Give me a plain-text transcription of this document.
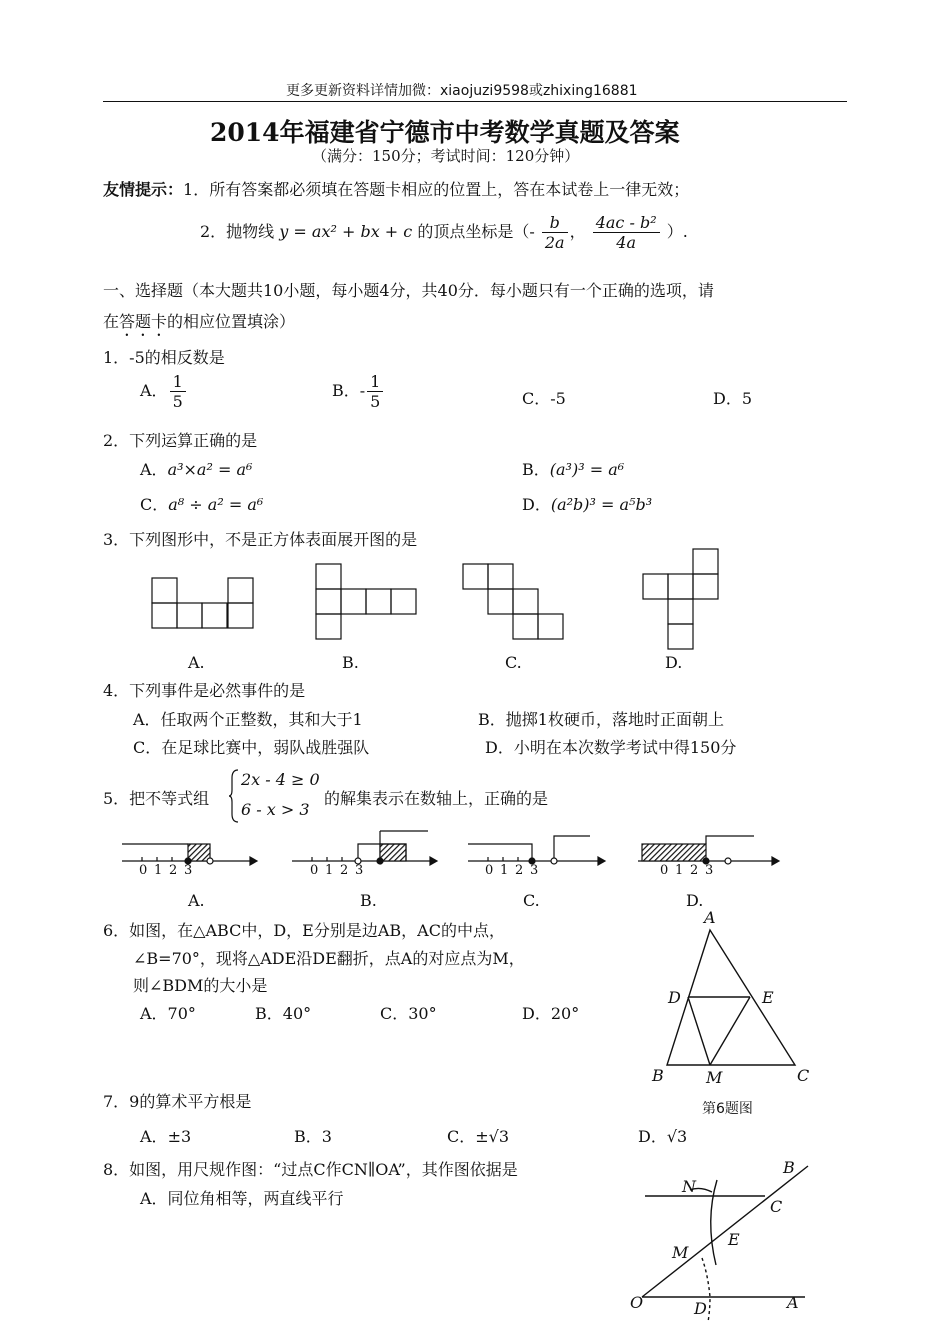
更多更新资料详情加微：xiaojuzi9598或zhixing16881
2014年福建省宁德市中考数学真题及答案
（满分：150分；考试时间：120分钟）
友情提示：1．所有答案都必须填在答题卡相应的位置上，答在本试卷上一律无效；
2．抛物线 y = ax² + bx + c 的顶点坐标是（- $\frac{b}{2a}$ ， $\frac{\text{4ac - b²}}{4a}$ ）.
一、选择题（本大题共10小题，每小题4分，共40分．每小题只有一个正确的选项，请
在答题卡的相应位置填涂）
1．-5的相反数是
A． $\frac{1}{5}$	B．- $\frac{1}{5}$	C．-5	D．5
2．下列运算正确的是
A．a³×a² = a⁶	B．(a³)³ = a⁶
C．a⁸ ÷ a² = a⁶	D．(a²b)³ = a⁵b³
3．下列图形中，不是正方体表面展开图的是
A.	B.	C.	D.
4．下列事件是必然事件的是
A．任取两个正整数，其和大于1	B．抛掷1枚硬币，落地时正面朝上
C．在足球比赛中，弱队战胜强队	D．小明在本次数学考试中得150分
5．把不等式组
2x - 4 ≥ 0
6 - x > 3
的解集表示在数轴上，正确的是
0 1 2 3	0 1 2 3	0 1 2 3	0 1 2 3
A.	B.	C.	D.
6．如图，在△ABC中，D，E分别是边AB，AC的中点，
∠B=70°，现将△ADE沿DE翻折，点A的对应点为M，
则∠BDM的大小是
A．70°	B．40°	C．30°	D．20°
A
D	E
B	M	C
第6题图
7．9的算术平方根是
A．±3	B．3	C．±√3	D．√3
8．如图，用尺规作图：“过点C作CN∥OA”，其作图依据是
A．同位角相等，两直线平行
B
N
C
E
M
O	D	A
